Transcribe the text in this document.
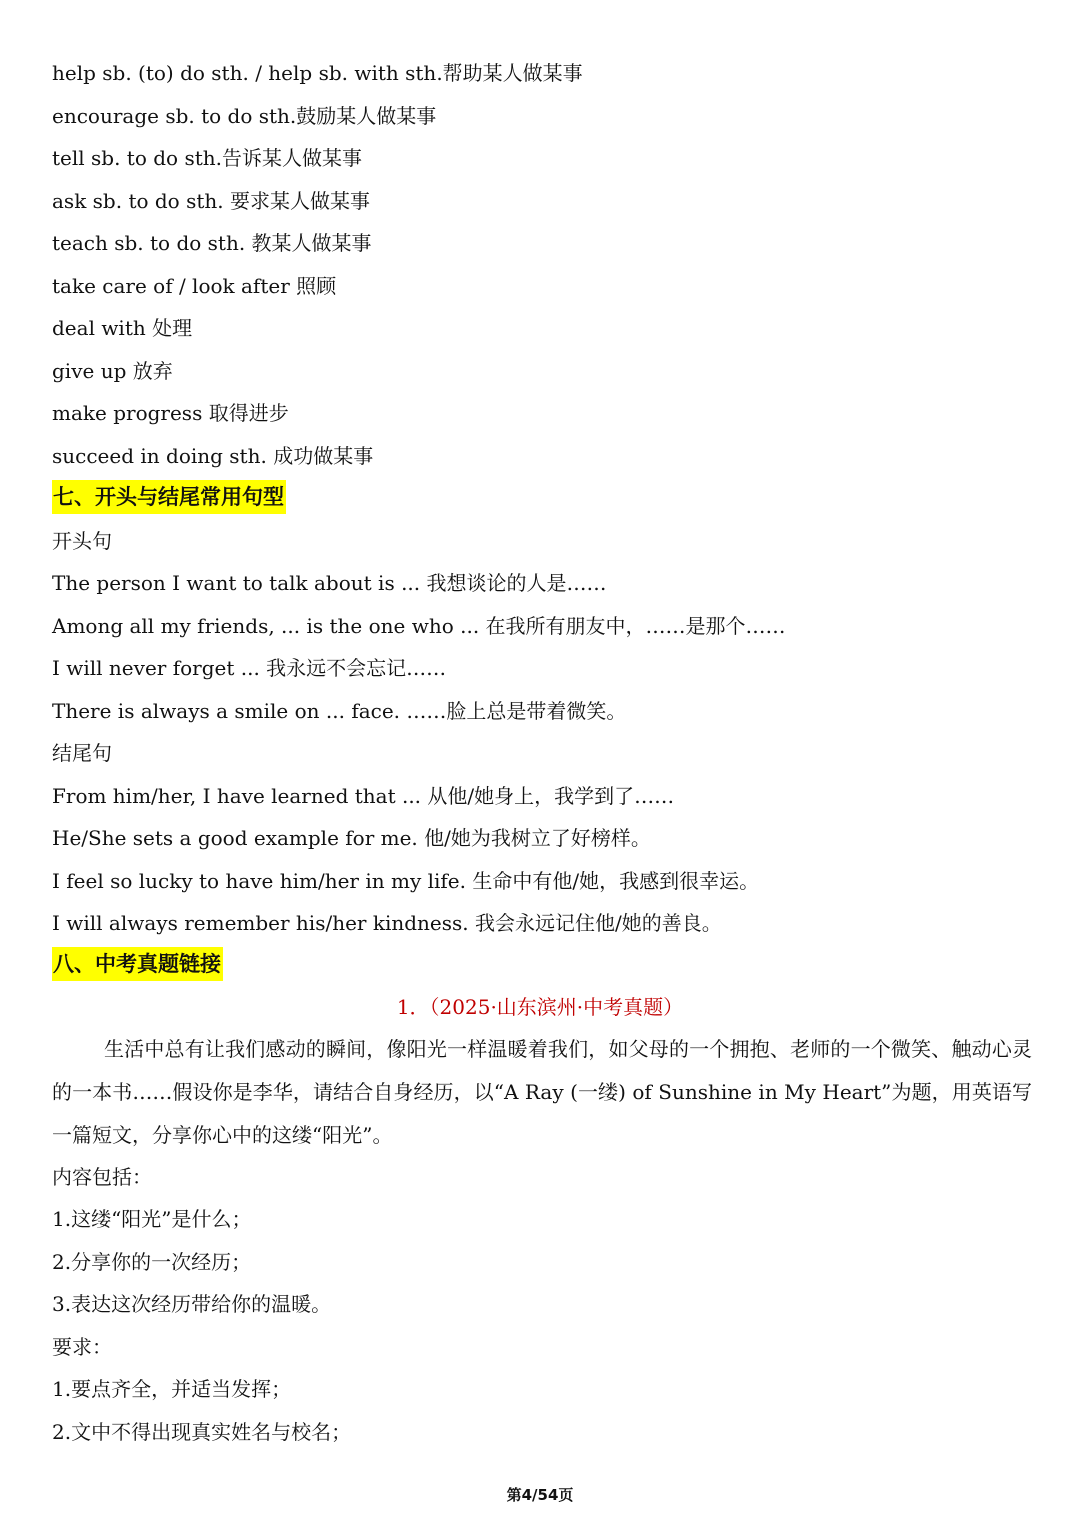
help sb. (to) do sth. / help sb. with sth.帮助某人做某事
encourage sb. to do sth.鼓励某人做某事
tell sb. to do sth.告诉某人做某事
ask sb. to do sth. 要求某人做某事
teach sb. to do sth. 教某人做某事
take care of / look after 照顾
deal with 处理
give up 放弃
make progress 取得进步
succeed in doing sth. 成功做某事
七、开头与结尾常用句型
开头句
The person I want to talk about is ... 我想谈论的人是……
Among all my friends, ... is the one who ... 在我所有朋友中，……是那个……
I will never forget ... 我永远不会忘记……
There is always a smile on ... face. ……脸上总是带着微笑。
结尾句
From him/her, I have learned that ... 从他/她身上，我学到了……
He/She sets a good example for me. 他/她为我树立了好榜样。
I feel so lucky to have him/her in my life. 生命中有他/她，我感到很幸运。
I will always remember his/her kindness. 我会永远记住他/她的善良。
八、中考真题链接
1．（2025·山东滨州·中考真题）
生活中总有让我们感动的瞬间，像阳光一样温暖着我们，如父母的一个拥抱、老师的一个微笑、触动心灵的一本书……假设你是李华，请结合自身经历，以“A Ray (一缕) of Sunshine in My Heart”为题，用英语写一篇短文，分享你心中的这缕“阳光”。
内容包括：
1.这缕“阳光”是什么；
2.分享你的一次经历；
3.表达这次经历带给你的温暖。
要求：
1.要点齐全，并适当发挥；
2.文中不得出现真实姓名与校名；
第4/54页
